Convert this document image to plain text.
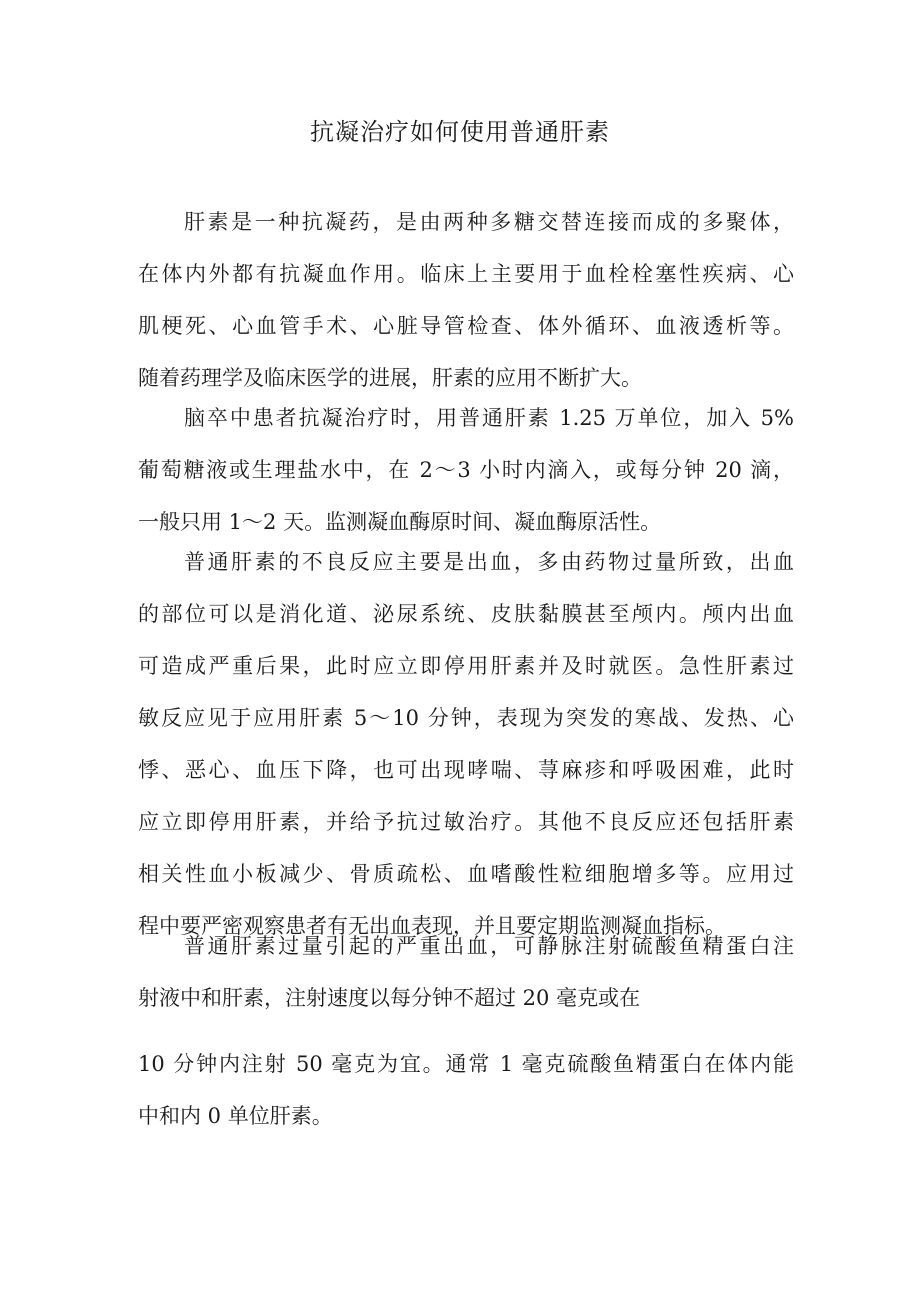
抗凝治疗如何使用普通肝素
肝素是一种抗凝药，是由两种多糖交替连接而成的多聚体，
在体内外都有抗凝血作用。临床上主要用于血栓栓塞性疾病、心
肌梗死、心血管手术、心脏导管检查、体外循环、血液透析等。
随着药理学及临床医学的进展，肝素的应用不断扩大。
脑卒中患者抗凝治疗时，用普通肝素 1.25 万单位，加入 5%
葡萄糖液或生理盐水中，在 2～3 小时内滴入，或每分钟 20 滴，
一般只用 1～2 天。监测凝血酶原时间、凝血酶原活性。
普通肝素的不良反应主要是出血，多由药物过量所致，出血
的部位可以是消化道、泌尿系统、皮肤黏膜甚至颅内。颅内出血
可造成严重后果，此时应立即停用肝素并及时就医。急性肝素过
敏反应见于应用肝素 5～10 分钟，表现为突发的寒战、发热、心
悸、恶心、血压下降，也可出现哮喘、荨麻疹和呼吸困难，此时
应立即停用肝素，并给予抗过敏治疗。其他不良反应还包括肝素
相关性血小板减少、骨质疏松、血嗜酸性粒细胞增多等。应用过
程中要严密观察患者有无出血表现，并且要定期监测凝血指标。
普通肝素过量引起的严重出血，可静脉注射硫酸鱼精蛋白注
射液中和肝素，注射速度以每分钟不超过 20 毫克或在
10 分钟内注射 50 毫克为宜。通常 1 毫克硫酸鱼精蛋白在体内能
中和内 0 单位肝素。
